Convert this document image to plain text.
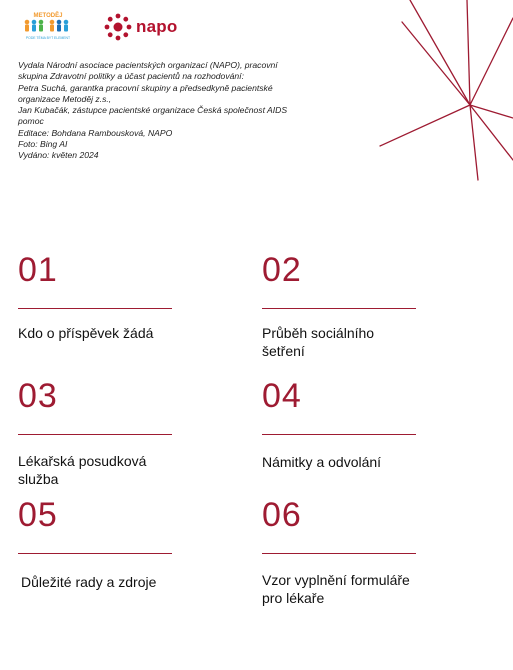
METODĚJ
PODE TÉMA BYT ELEMENT
napo
Vydala Národní asociace pacientských organizací (NAPO), pracovní
skupina Zdravotní politiky a účast pacientů na rozhodování:
Petra Suchá, garantka pracovní skupiny a předsedkyně pacientské
organizace Metoděj z.s.,
Jan Kubačák, zástupce pacientské organizace Česká společnost AIDS
pomoc
Editace: Bohdana Rambousková, NAPO
Foto: Bing AI
Vydáno: květen 2024
01
Kdo o příspěvek žádá
02
Průběh sociálního
šetření
03
Lékařská posudková
služba
04
Námitky a odvolání
05
Důležité rady a zdroje
06
Vzor vyplnění formuláře
pro lékaře
